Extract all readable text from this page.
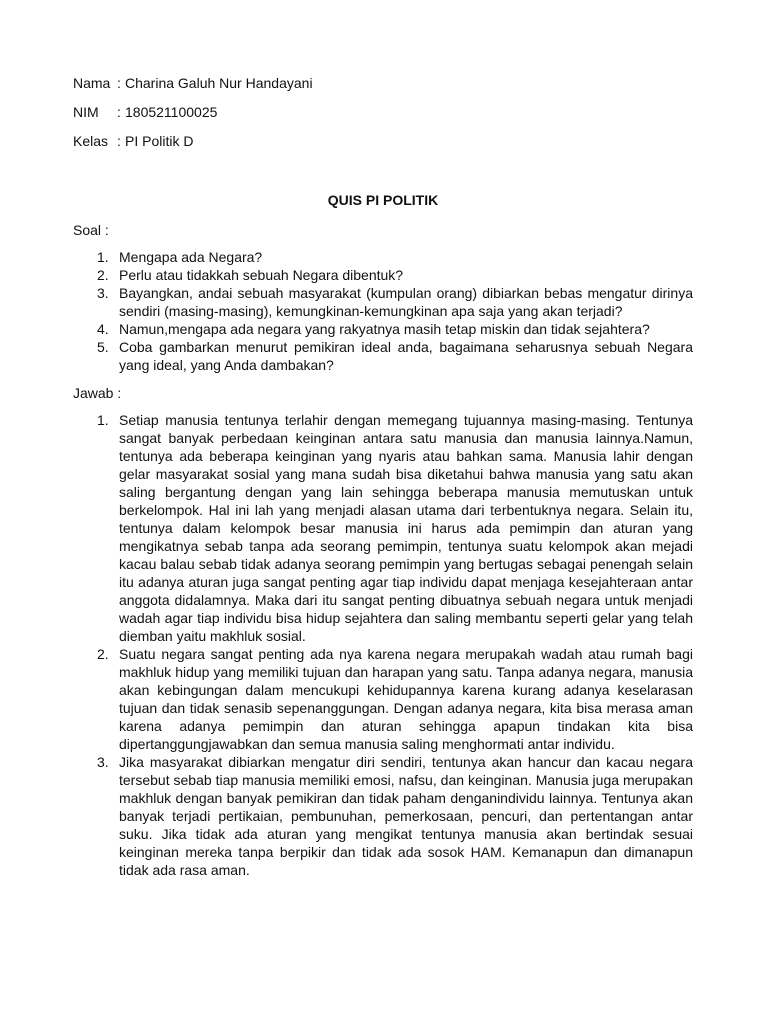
Nama : Charina Galuh Nur Handayani
NIM	: 180521100025
Kelas : PI Politik D
QUIS PI POLITIK
Soal :
1. Mengapa ada Negara?
2. Perlu atau tidakkah sebuah Negara dibentuk?
3. Bayangkan, andai sebuah masyarakat (kumpulan orang) dibiarkan bebas mengatur dirinya sendiri (masing-masing), kemungkinan-kemungkinan apa saja yang akan terjadi?
4. Namun,mengapa ada negara yang rakyatnya masih tetap miskin dan tidak sejahtera?
5. Coba gambarkan menurut pemikiran ideal anda, bagaimana seharusnya sebuah Negara yang ideal, yang Anda dambakan?
Jawab :
1. Setiap manusia tentunya terlahir dengan memegang tujuannya masing-masing. Tentunya sangat banyak perbedaan keinginan antara satu manusia dan manusia lainnya.Namun, tentunya ada beberapa keinginan yang nyaris atau bahkan sama. Manusia lahir dengan gelar masyarakat sosial yang mana sudah bisa diketahui bahwa manusia yang satu akan saling bergantung dengan yang lain sehingga beberapa manusia memutuskan untuk berkelompok. Hal ini lah yang menjadi alasan utama dari terbentuknya negara. Selain itu, tentunya dalam kelompok besar manusia ini harus ada pemimpin dan aturan yang mengikatnya sebab tanpa ada seorang pemimpin, tentunya suatu kelompok akan mejadi kacau balau sebab tidak adanya seorang pemimpin yang bertugas sebagai penengah selain itu adanya aturan juga sangat penting agar tiap individu dapat menjaga kesejahteraan antar anggota didalamnya. Maka dari itu sangat penting dibuatnya sebuah negara untuk menjadi wadah agar tiap individu bisa hidup sejahtera dan saling membantu seperti gelar yang telah diemban yaitu makhluk sosial.
2. Suatu negara sangat penting ada nya karena negara merupakah wadah atau rumah bagi makhluk hidup yang memiliki tujuan dan harapan yang satu. Tanpa adanya negara, manusia akan kebingungan dalam mencukupi kehidupannya karena kurang adanya keselarasan tujuan dan tidak senasib sepenanggungan. Dengan adanya negara, kita bisa merasa aman karena adanya pemimpin dan aturan sehingga apapun tindakan kita bisa dipertanggungjawabkan dan semua manusia saling menghormati antar individu.
3. Jika masyarakat dibiarkan mengatur diri sendiri, tentunya akan hancur dan kacau negara tersebut sebab tiap manusia memiliki emosi, nafsu, dan keinginan. Manusia juga merupakan makhluk dengan banyak pemikiran dan tidak paham denganindividu lainnya. Tentunya akan banyak terjadi pertikaian, pembunuhan, pemerkosaan, pencuri, dan pertentangan antar suku. Jika tidak ada aturan yang mengikat tentunya manusia akan bertindak sesuai keinginan mereka tanpa berpikir dan tidak ada sosok HAM. Kemanapun dan dimanapun tidak ada rasa aman.
